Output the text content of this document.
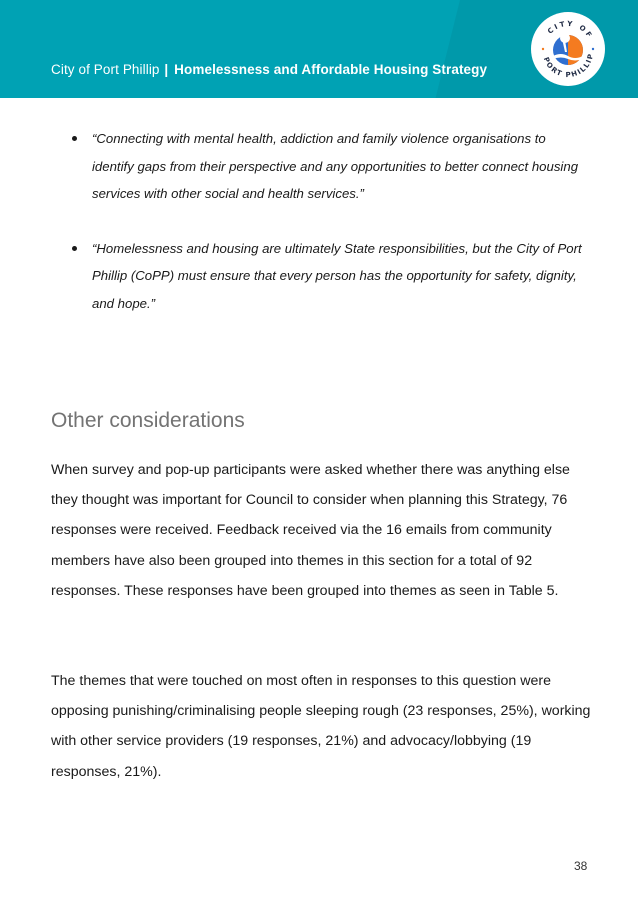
City of Port Phillip | Homelessness and Affordable Housing Strategy
CITY OF
PORT PHILLIP

“Connecting with mental health, addiction and family violence organisations to identify gaps from their perspective and any opportunities to better connect housing services with other social and health services.”

“Homelessness and housing are ultimately State responsibilities, but the City of Port Phillip (CoPP) must ensure that every person has the opportunity for safety, dignity, and hope.”

Other considerations

When survey and pop-up participants were asked whether there was anything else they thought was important for Council to consider when planning this Strategy, 76 responses were received. Feedback received via the 16 emails from community members have also been grouped into themes in this section for a total of 92 responses. These responses have been grouped into themes as seen in Table 5.

The themes that were touched on most often in responses to this question were opposing punishing/criminalising people sleeping rough (23 responses, 25%), working with other service providers (19 responses, 21%) and advocacy/lobbying (19 responses, 21%).

38
